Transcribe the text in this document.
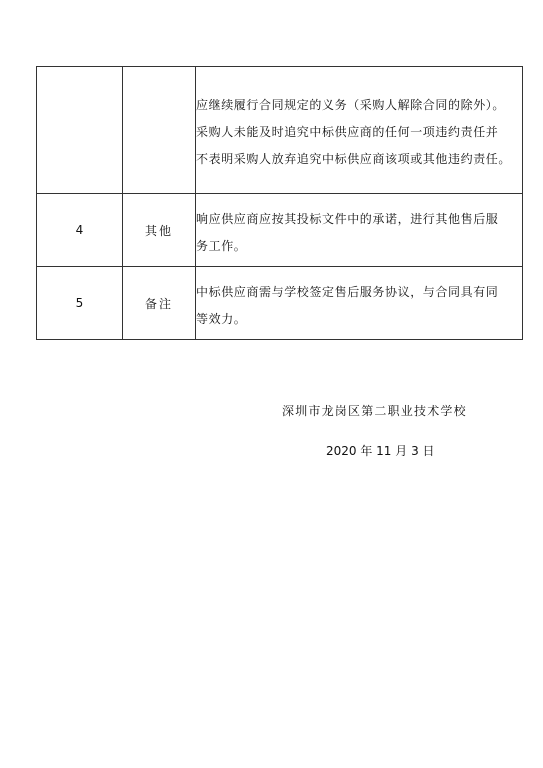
		应继续履行合同规定的义务（采购人解除合同的除外）。
采购人未能及时追究中标供应商的任何一项违约责任并
不表明采购人放弃追究中标供应商该项或其他违约责任。

4	其他	响应供应商应按其投标文件中的承诺，进行其他售后服
务工作。

5	备注	中标供应商需与学校签定售后服务协议，与合同具有同
等效力。
深圳市龙岗区第二职业技术学校
2020 年 11 月 3 日
